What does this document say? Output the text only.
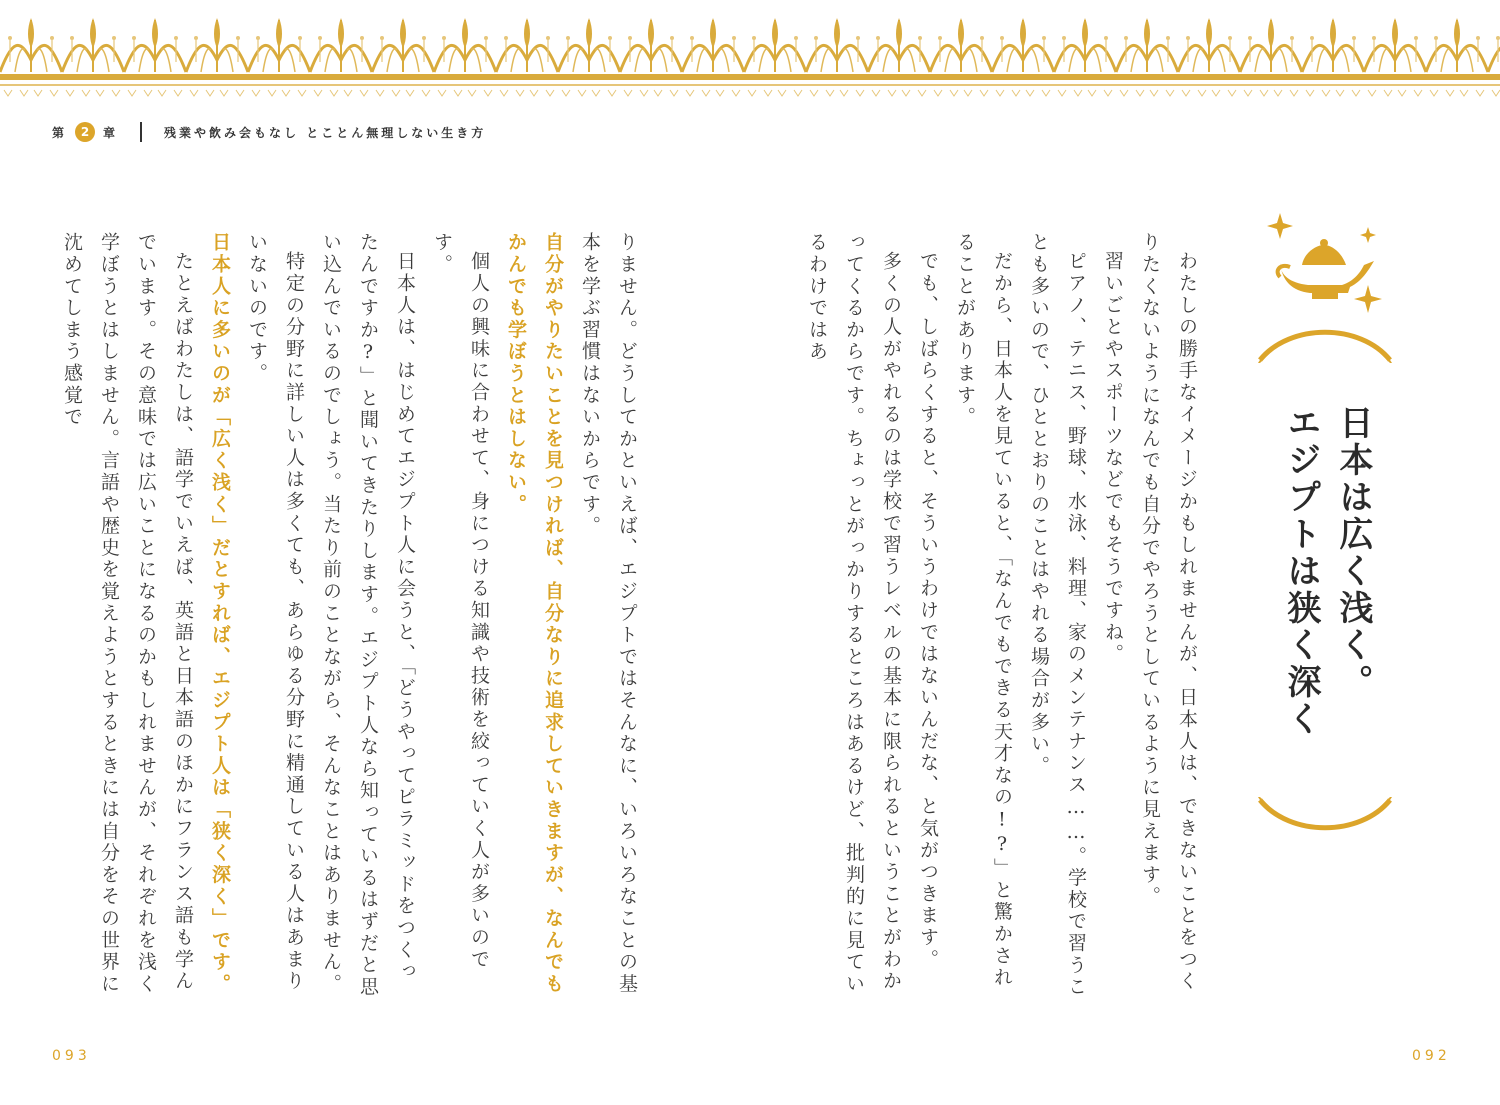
第	2	章	残業や飲み会もなし とことん無理しない生き方
日本は広く浅く。
エジプトは狭く深く

わたしの勝手なイメージかもしれませんが、日本人は、できないことをつくりたくないようになんでも自分でやろうとしているように見えます。

習いごとやスポーツなどでもそうですね。

ピアノ、テニス、野球、水泳、料理、家のメンテナンス……。学校で習うことも多いので、ひととおりのことはやれる場合が多い。

だから、日本人を見ていると、「なんでもできる天才なの!?」と驚かされることがあります。

でも、しばらくすると、そういうわけではないんだな、と気がつきます。

多くの人がやれるのは学校で習うレベルの基本に限られるということがわかってくるからです。ちょっとがっかりするところはあるけど、批判的に見ているわけではあ

りません。どうしてかといえば、エジプトではそんなに、いろいろなことの基本を学ぶ習慣はないからです。

自分がやりたいことを見つければ、自分なりに追求していきますが、なんでもかんでも学ぼうとはしない。

個人の興味に合わせて、身につける知識や技術を絞っていく人が多いのです。

日本人は、はじめてエジプト人に会うと、「どうやってピラミッドをつくったんですか?」と聞いてきたりします。エジプト人なら知っているはずだと思い込んでいるのでしょう。当たり前のことながら、そんなことはありません。

特定の分野に詳しい人は多くても、あらゆる分野に精通している人はあまりいないのです。

日本人に多いのが「広く浅く」だとすれば、エジプト人は「狭く深く」です。

たとえばわたしは、語学でいえば、英語と日本語のほかにフランス語も学んでいます。その意味では広いことになるのかもしれませんが、それぞれを浅く学ぼうとはしません。言語や歴史を覚えようとするときには自分をその世界に沈めてしまう感覚で

093	092
